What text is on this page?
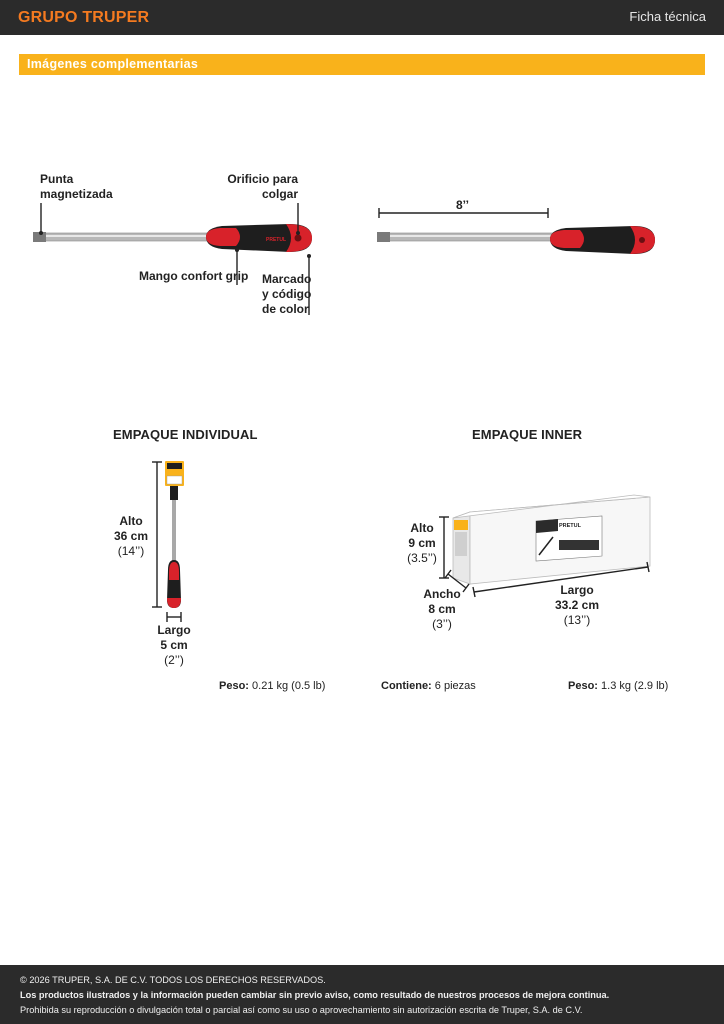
GRUPO TRUPER	Ficha técnica
Imágenes complementarias
PRETUL
Punta
magnetizada
Orificio para
colgar
Mango confort grip Marcado
y código
de color
8’’
EMPAQUE INDIVIDUAL
Alto
36 cm
(14’’)
Largo
5 cm
(2’’)
Peso: 0.21 kg (0.5 lb)
EMPAQUE INNER
PRETUL
Alto
9 cm
(3.5’’)
Ancho
8 cm
(3’’)
Largo
33.2 cm
(13’’)
Contiene: 6 piezas	Peso: 1.3 kg (2.9 lb)
© 2026 TRUPER, S.A. DE C.V. TODOS LOS DERECHOS RESERVADOS.
Los productos ilustrados y la información pueden cambiar sin previo aviso, como resultado de nuestros procesos de mejora continua.
Prohibida su reproducción o divulgación total o parcial así como su uso o aprovechamiento sin autorización escrita de Truper, S.A. de C.V.
